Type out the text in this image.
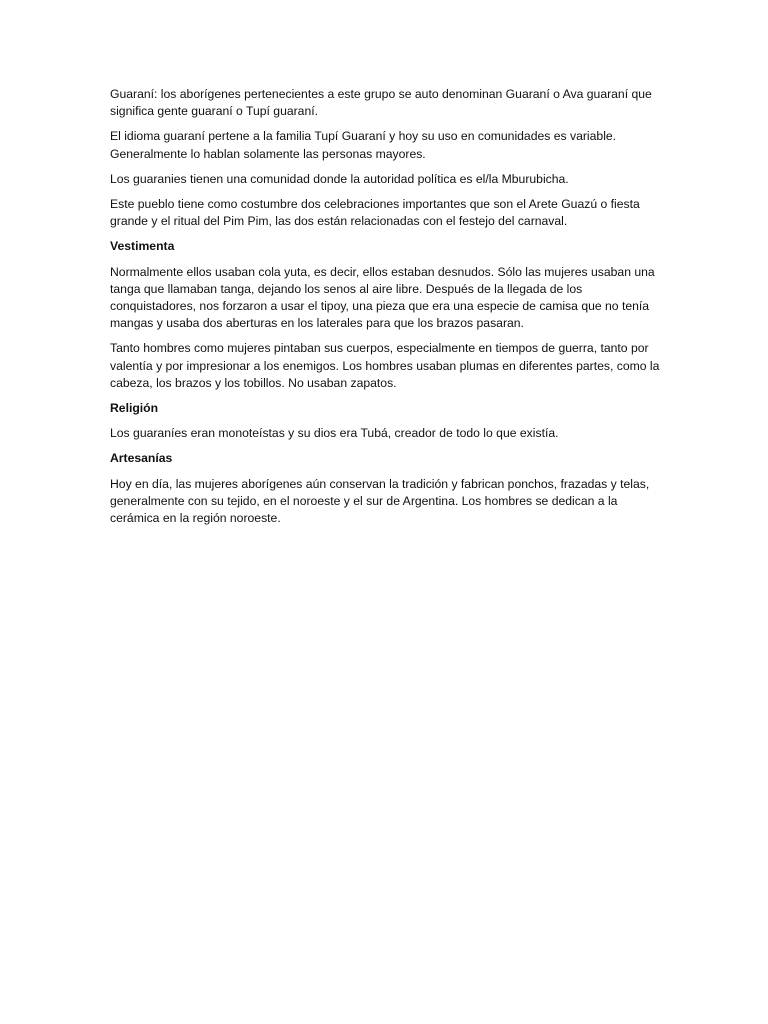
Guaraní: los aborígenes pertenecientes a este grupo se auto denominan Guaraní o Ava guaraní que significa gente guaraní o Tupí guaraní.

El idioma guaraní pertene a la familia Tupí Guaraní y hoy su uso en comunidades es variable. Generalmente lo hablan solamente las personas mayores.

Los guaranies tienen una comunidad donde la autoridad política es el/la Mburubicha.

Este pueblo tiene como costumbre dos celebraciones importantes que son el Arete Guazú o fiesta grande y el ritual del Pim Pim, las dos están relacionadas con el festejo del carnaval.

Vestimenta

Normalmente ellos usaban cola yuta, es decir, ellos estaban desnudos. Sólo las mujeres usaban una tanga que llamaban tanga, dejando los senos al aire libre. Después de la llegada de los conquistadores, nos forzaron a usar el tipoy, una pieza que era una especie de camisa que no tenía mangas y usaba dos aberturas en los laterales para que los brazos pasaran.

Tanto hombres como mujeres pintaban sus cuerpos, especialmente en tiempos de guerra, tanto por valentía y por impresionar a los enemigos. Los hombres usaban plumas en diferentes partes, como la cabeza, los brazos y los tobillos. No usaban zapatos.

Religión

Los guaraníes eran monoteístas y su dios era Tubá, creador de todo lo que existía.

Artesanías

Hoy en día, las mujeres aborígenes aún conservan la tradición y fabrican ponchos, frazadas y telas, generalmente con su tejido, en el noroeste y el sur de Argentina. Los hombres se dedican a la cerámica en la región noroeste.
